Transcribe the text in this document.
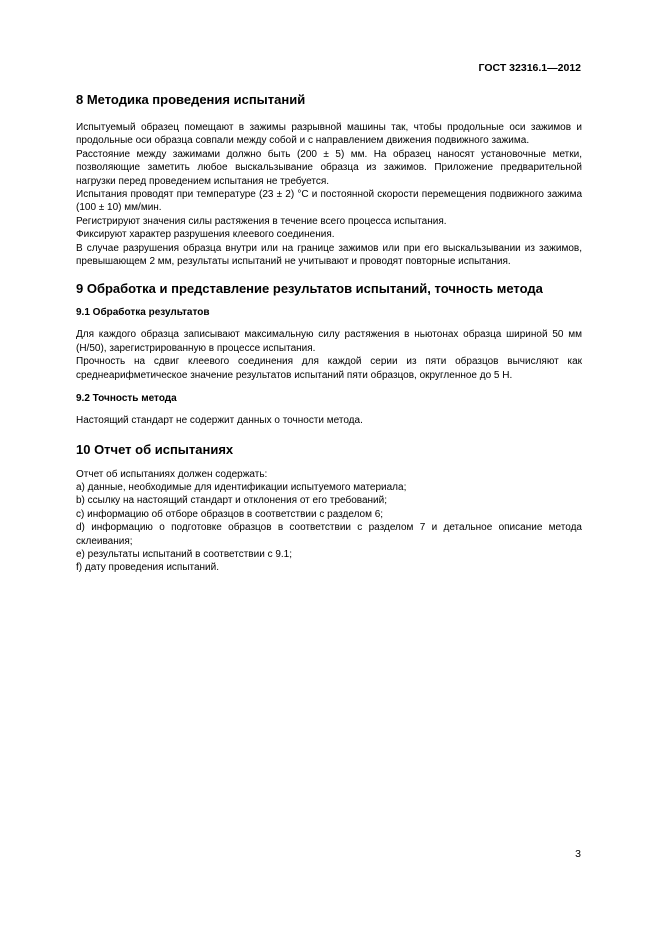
ГОСТ 32316.1—2012
8 Методика проведения испытаний

Испытуемый образец помещают в зажимы разрывной машины так, чтобы продольные оси зажимов и продольные оси образца совпали между собой и с направлением движения подвижного зажима.

Расстояние между зажимами должно быть (200 ± 5) мм. На образец наносят установочные метки, позволяющие заметить любое выскальзывание образца из зажимов. Приложение предварительной нагрузки перед проведением испытания не требуется.

Испытания проводят при температуре (23 ± 2) °С и постоянной скорости перемещения подвижного зажима (100 ± 10) мм/мин.

Регистрируют значения силы растяжения в течение всего процесса испытания.

Фиксируют характер разрушения клеевого соединения.

В случае разрушения образца внутри или на границе зажимов или при его выскальзывании из зажимов, превышающем 2 мм, результаты испытаний не учитывают и проводят повторные испытания.

9 Обработка и представление результатов испытаний, точность метода
9.1 Обработка результатов

Для каждого образца записывают максимальную силу растяжения в ньютонах образца шириной 50 мм (Н/50), зарегистрированную в процессе испытания.

Прочность на сдвиг клеевого соединения для каждой серии из пяти образцов вычисляют как среднеарифметическое значение результатов испытаний пяти образцов, округленное до 5 Н.

9.2 Точность метода

Настоящий стандарт не содержит данных о точности метода.

10 Отчет об испытаниях

Отчет об испытаниях должен содержать:

а) данные, необходимые для идентификации испытуемого материала;

b) ссылку на настоящий стандарт и отклонения от его требований;

с) информацию об отборе образцов в соответствии с разделом 6;

d) информацию о подготовке образцов в соответствии с разделом 7 и детальное описание метода склеивания;

е) результаты испытаний в соответствии с 9.1;

f) дату проведения испытаний.

3
